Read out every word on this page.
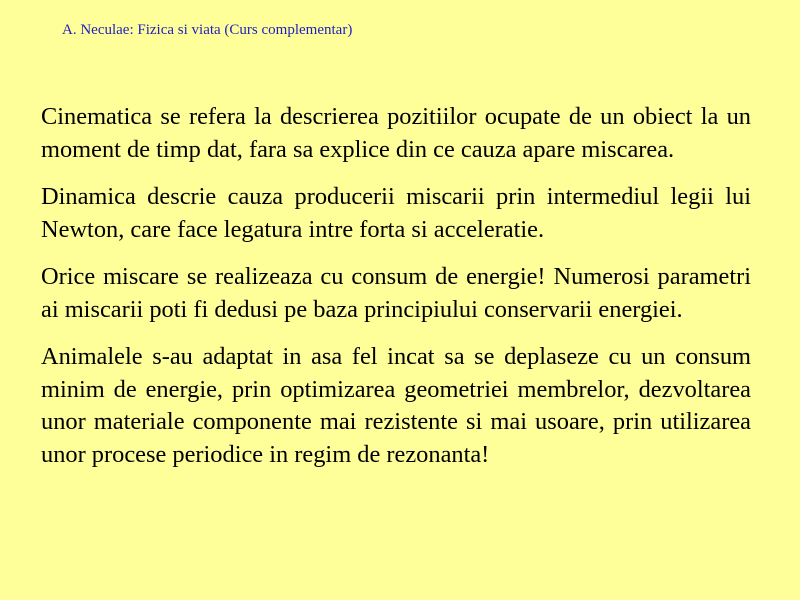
A. Neculae: Fizica si viata (Curs complementar)

Cinematica se refera la descrierea pozitiilor ocupate de un obiect la un moment de timp dat, fara sa explice din ce cauza apare miscarea.

Dinamica descrie cauza producerii miscarii prin intermediul legii lui Newton, care face legatura intre forta si acceleratie.

Orice miscare se realizeaza cu consum de energie! Numerosi parametri ai miscarii poti fi dedusi pe baza principiului conservarii energiei.

Animalele s-au adaptat in asa fel incat sa se deplaseze cu un consum minim de energie, prin optimizarea geometriei membrelor, dezvoltarea unor materiale componente mai rezistente si mai usoare, prin utilizarea unor procese periodice in regim de rezonanta!
